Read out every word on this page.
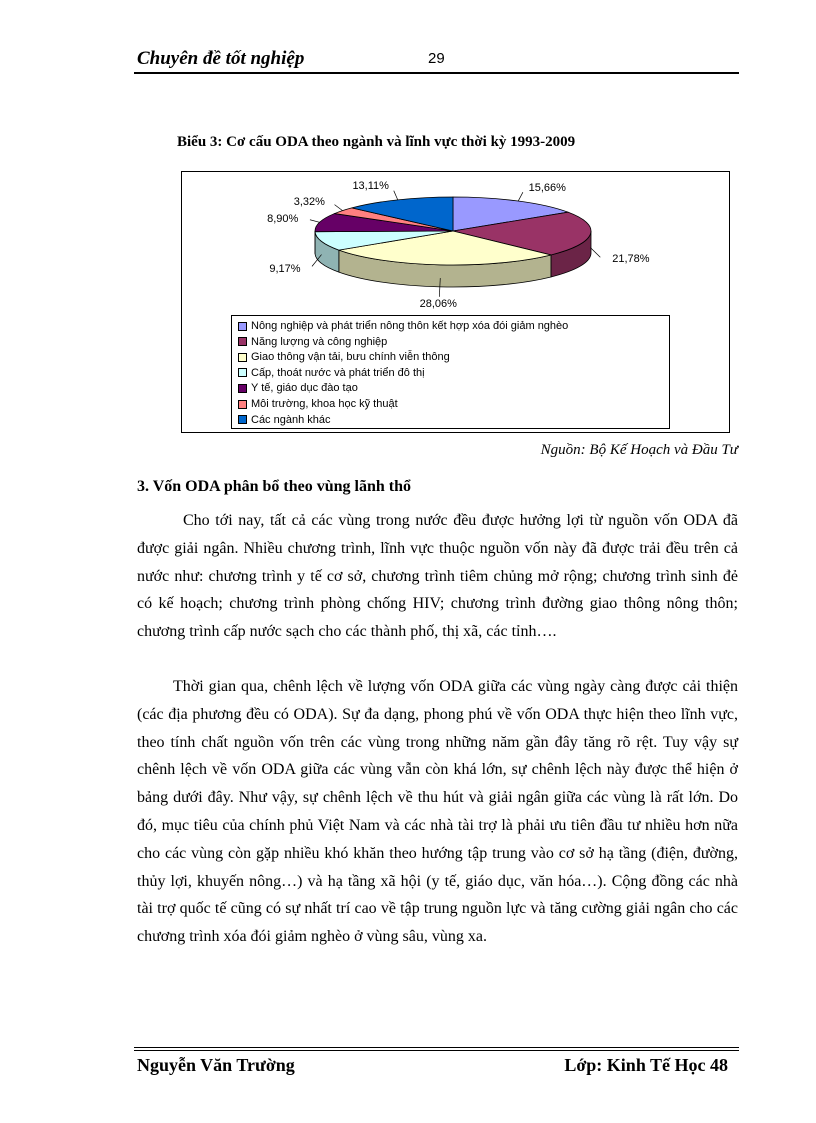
Chuyên đề tốt nghiệp	29
Biểu 3: Cơ cấu ODA theo ngành và lĩnh vực thời kỳ 1993-2009
15,66%
21,78%
28,06%
9,17%
8,90%
3,32%
13,11%
Nông nghiệp và phát triển nông thôn kết hợp xóa đói giảm nghèo
Năng lượng và công nghiệp
Giao thông vận tải, bưu chính viễn thông
Cấp, thoát nước và phát triển đô thị
Y tế, giáo dục đào tạo
Môi trường, khoa học kỹ thuật
Các ngành khác
Nguồn: Bộ Kế Hoạch và Đầu Tư
3. Vốn ODA phân bổ theo vùng lãnh thổ

Cho tới nay, tất cả các vùng trong nước đều được hưởng lợi từ nguồn vốn ODA đã được giải ngân. Nhiều chương trình, lĩnh vực thuộc nguồn vốn này đã được trải đều trên cả nước như: chương trình y tế cơ sở, chương trình tiêm chủng mở rộng; chương trình sinh đẻ có kế hoạch; chương trình phòng chống HIV; chương trình đường giao thông nông thôn; chương trình cấp nước sạch cho các thành phố, thị xã, các tỉnh….

Thời gian qua, chênh lệch về lượng vốn ODA giữa các vùng ngày càng được cải thiện (các địa phương đều có ODA). Sự đa dạng, phong phú về vốn ODA thực hiện theo lĩnh vực, theo tính chất nguồn vốn trên các vùng trong những năm gần đây tăng rõ rệt. Tuy vậy sự chênh lệch về vốn ODA giữa các vùng vẫn còn khá lớn, sự chênh lệch này được thể hiện ở bảng dưới đây. Như vậy, sự chênh lệch về thu hút và giải ngân giữa các vùng là rất lớn. Do đó, mục tiêu của chính phủ Việt Nam và các nhà tài trợ là phải ưu tiên đầu tư nhiều hơn nữa cho các vùng còn gặp nhiều khó khăn theo hướng tập trung vào cơ sở hạ tầng (điện, đường, thủy lợi, khuyến nông…) và hạ tầng xã hội (y tế, giáo dục, văn hóa…). Cộng đồng các nhà tài trợ quốc tế cũng có sự nhất trí cao về tập trung nguồn lực và tăng cường giải ngân cho các chương trình xóa đói giảm nghèo ở vùng sâu, vùng xa.

Nguyễn Văn Trường	Lớp: Kinh Tế Học 48
